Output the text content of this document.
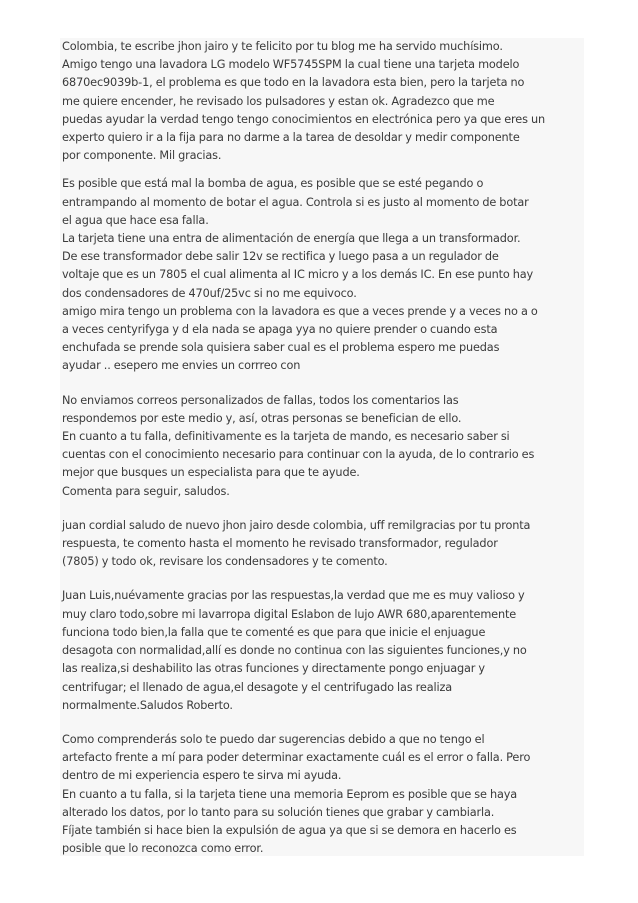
Colombia, te escribe jhon jairo y te felicito por tu blog me ha servido muchísimo.
Amigo tengo una lavadora LG modelo WF5745SPM la cual tiene una tarjeta modelo
6870ec9039b-1, el problema es que todo en la lavadora esta bien, pero la tarjeta no
me quiere encender, he revisado los pulsadores y estan ok. Agradezco que me
puedas ayudar la verdad tengo tengo conocimientos en electrónica pero ya que eres un
experto quiero ir a la fija para no darme a la tarea de desoldar y medir componente
por componente. Mil gracias.

Es posible que está mal la bomba de agua, es posible que se esté pegando o
entrampando al momento de botar el agua. Controla si es justo al momento de botar
el agua que hace esa falla.
La tarjeta tiene una entra de alimentación de energía que llega a un transformador.
De ese transformador debe salir 12v se rectifica y luego pasa a un regulador de
voltaje que es un 7805 el cual alimenta al IC micro y a los demás IC. En ese punto hay
dos condensadores de 470uf/25vc si no me equivoco.
amigo mira tengo un problema con la lavadora es que a veces prende y a veces no a o
a veces centyrifyga y d ela nada se apaga yya no quiere prender o cuando esta
enchufada se prende sola quisiera saber cual es el problema espero me puedas
ayudar .. esepero me envies un corrreo con

No enviamos correos personalizados de fallas, todos los comentarios las
respondemos por este medio y, así, otras personas se benefician de ello.
En cuanto a tu falla, definitivamente es la tarjeta de mando, es necesario saber si
cuentas con el conocimiento necesario para continuar con la ayuda, de lo contrario es
mejor que busques un especialista para que te ayude.
Comenta para seguir, saludos.

juan cordial saludo de nuevo jhon jairo desde colombia, uff remilgracias por tu pronta
respuesta, te comento hasta el momento he revisado transformador, regulador
(7805) y todo ok, revisare los condensadores y te comento.

Juan Luis,nuévamente gracias por las respuestas,la verdad que me es muy valioso y
muy claro todo,sobre mi lavarropa digital Eslabon de lujo AWR 680,aparentemente
funciona todo bien,la falla que te comenté es que para que inicie el enjuague
desagota con normalidad,allí es donde no continua con las siguientes funciones,y no
las realiza,si deshabilito las otras funciones y directamente pongo enjuagar y
centrifugar; el llenado de agua,el desagote y el centrifugado las realiza
normalmente.Saludos Roberto.

Como comprenderás solo te puedo dar sugerencias debido a que no tengo el
artefacto frente a mí para poder determinar exactamente cuál es el error o falla. Pero
dentro de mi experiencia espero te sirva mi ayuda.
En cuanto a tu falla, si la tarjeta tiene una memoria Eeprom es posible que se haya
alterado los datos, por lo tanto para su solución tienes que grabar y cambiarla.
Fíjate también si hace bien la expulsión de agua ya que si se demora en hacerlo es
posible que lo reconozca como error.
